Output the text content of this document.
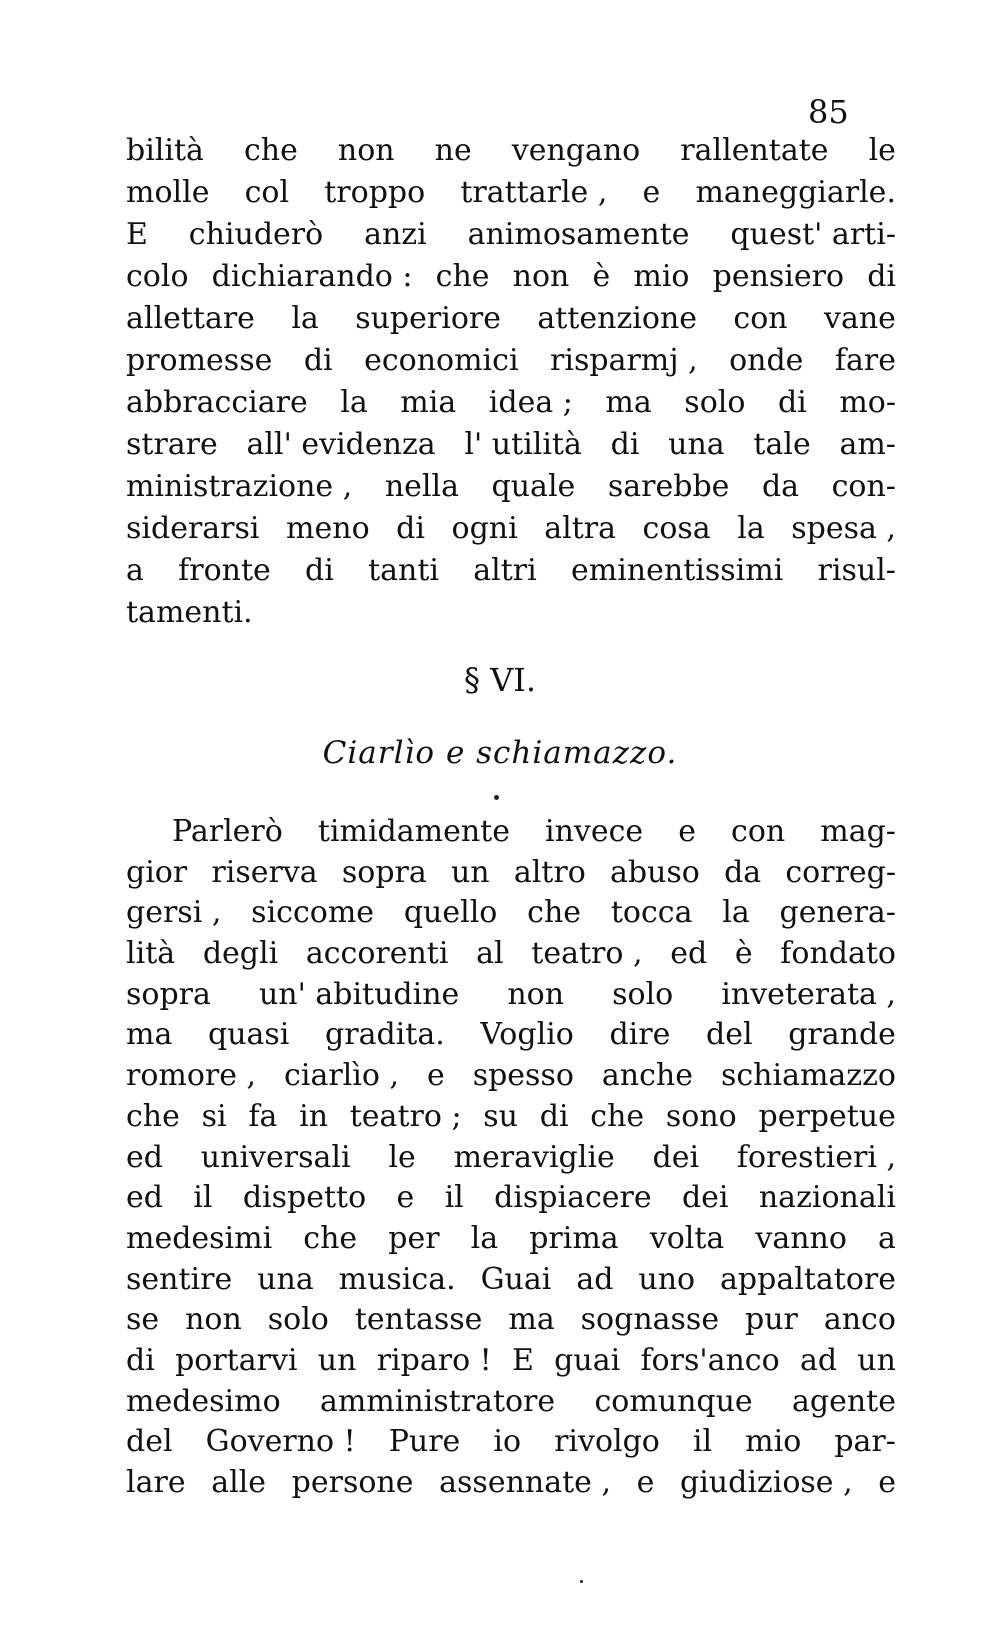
85
bilità che non ne vengano rallentate le
molle col troppo trattarle , e maneggiarle.
E chiuderò anzi animosamente quest' arti-
colo dichiarando : che non è mio pensiero di
allettare la superiore attenzione con vane
promesse di economici risparmj , onde fare
abbracciare la mia idea ; ma solo di mo-
strare all' evidenza l' utilità di una tale am-
ministrazione , nella quale sarebbe da con-
siderarsi meno di ogni altra cosa la spesa ,
a fronte di tanti altri eminentissimi risul-
tamenti.
§ VI.
Ciarlìo e schiamazzo.
Parlerò timidamente invece e con mag-
gior riserva sopra un altro abuso da correg-
gersi , siccome quello che tocca la genera-
lità degli accorenti al teatro , ed è fondato
sopra un' abitudine non solo inveterata ,
ma quasi gradita. Voglio dire del grande
romore , ciarlìo , e spesso anche schiamazzo
che si fa in teatro ; su di che sono perpetue
ed universali le meraviglie dei forestieri ,
ed il dispetto e il dispiacere dei nazionali
medesimi che per la prima volta vanno a
sentire una musica. Guai ad uno appaltatore
se non solo tentasse ma sognasse pur anco
di portarvi un riparo ! E guai fors'anco ad un
medesimo amministratore comunque agente
del Governo ! Pure io rivolgo il mio par-
lare alle persone assennate , e giudiziose , e
